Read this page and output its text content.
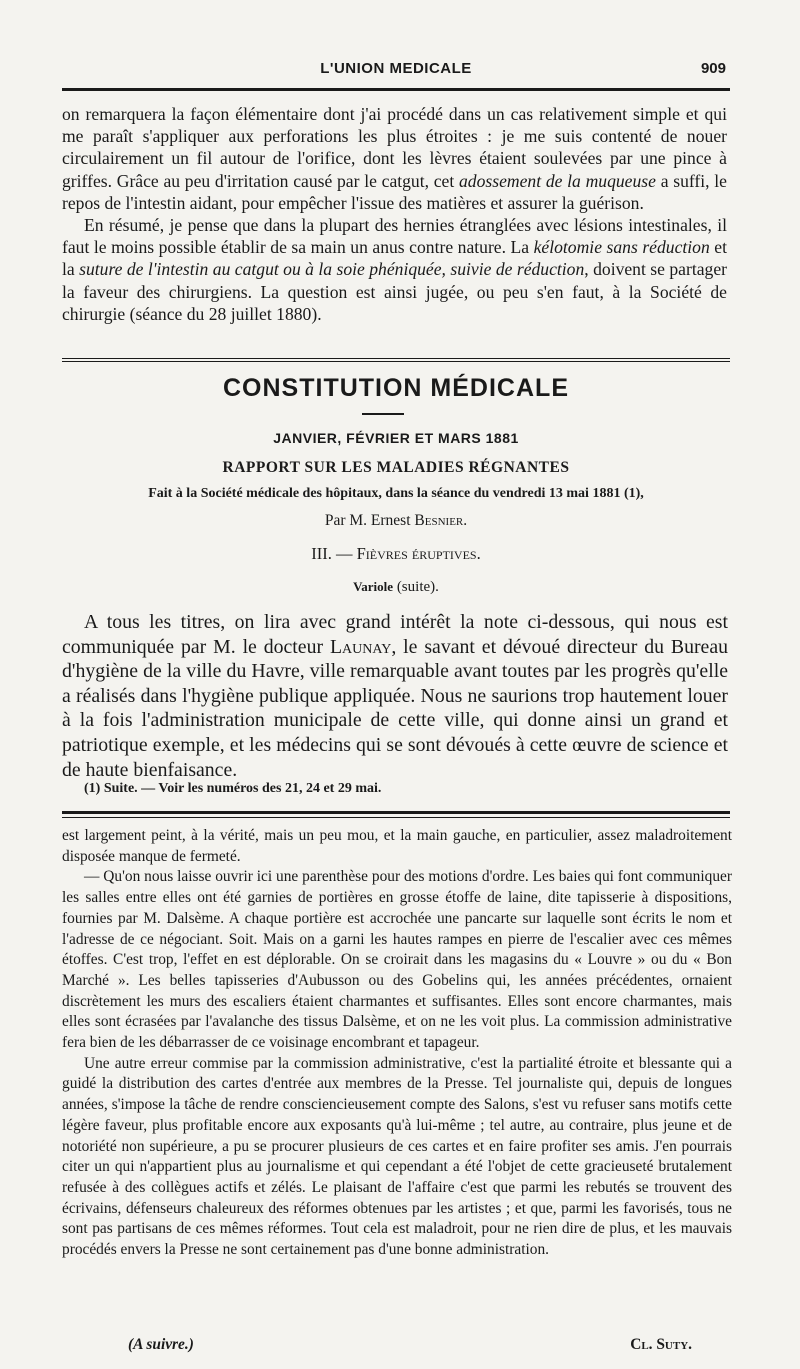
L'UNION MEDICALE	909

on remarquera la façon élémentaire dont j'ai procédé dans un cas relativement simple et qui me paraît s'appliquer aux perforations les plus étroites : je me suis contenté de nouer circulairement un fil autour de l'orifice, dont les lèvres étaient soulevées par une pince à griffes. Grâce au peu d'irritation causé par le catgut, cet adossement de la muqueuse a suffi, le repos de l'intestin aidant, pour empêcher l'issue des matières et assurer la guérison.

En résumé, je pense que dans la plupart des hernies étranglées avec lésions intestinales, il faut le moins possible établir de sa main un anus contre nature. La kélotomie sans réduction et la suture de l'intestin au catgut ou à la soie phéniquée, suivie de réduction, doivent se partager la faveur des chirurgiens. La question est ainsi jugée, ou peu s'en faut, à la Société de chirurgie (séance du 28 juillet 1880).

CONSTITUTION MÉDICALE
JANVIER, FÉVRIER ET MARS 1881
RAPPORT SUR LES MALADIES RÉGNANTES
Fait à la Société médicale des hôpitaux, dans la séance du vendredi 13 mai 1881 (1),
Par M. Ernest Besnier.
III. — Fièvres éruptives.
Variole (suite).

A tous les titres, on lira avec grand intérêt la note ci-dessous, qui nous est communiquée par M. le docteur Launay, le savant et dévoué directeur du Bureau d'hygiène de la ville du Havre, ville remarquable avant toutes par les progrès qu'elle a réalisés dans l'hygiène publique appliquée. Nous ne saurions trop hautement louer à la fois l'administration municipale de cette ville, qui donne ainsi un grand et patriotique exemple, et les médecins qui se sont dévoués à cette œuvre de science et de haute bienfaisance.

(1) Suite. — Voir les numéros des 21, 24 et 29 mai.

est largement peint, à la vérité, mais un peu mou, et la main gauche, en particulier, assez maladroitement disposée manque de fermeté.

— Qu'on nous laisse ouvrir ici une parenthèse pour des motions d'ordre. Les baies qui font communiquer les salles entre elles ont été garnies de portières en grosse étoffe de laine, dite tapisserie à dispositions, fournies par M. Dalsème. A chaque portière est accrochée une pancarte sur laquelle sont écrits le nom et l'adresse de ce négociant. Soit. Mais on a garni les hautes rampes en pierre de l'escalier avec ces mêmes étoffes. C'est trop, l'effet en est déplorable. On se croirait dans les magasins du « Louvre » ou du « Bon Marché ». Les belles tapisseries d'Aubusson ou des Gobelins qui, les années précédentes, ornaient discrètement les murs des escaliers étaient charmantes et suffisantes. Elles sont encore charmantes, mais elles sont écrasées par l'avalanche des tissus Dalsème, et on ne les voit plus. La commission administrative fera bien de les débarrasser de ce voisinage encombrant et tapageur.

Une autre erreur commise par la commission administrative, c'est la partialité étroite et blessante qui a guidé la distribution des cartes d'entrée aux membres de la Presse. Tel journaliste qui, depuis de longues années, s'impose la tâche de rendre consciencieusement compte des Salons, s'est vu refuser sans motifs cette légère faveur, plus profitable encore aux exposants qu'à lui-même ; tel autre, au contraire, plus jeune et de notoriété non supérieure, a pu se procurer plusieurs de ces cartes et en faire profiter ses amis. J'en pourrais citer un qui n'appartient plus au journalisme et qui cependant a été l'objet de cette gracieuseté brutalement refusée à des collègues actifs et zélés. Le plaisant de l'affaire c'est que parmi les rebutés se trouvent des écrivains, défenseurs chaleureux des réformes obtenues par les artistes ; et que, parmi les favorisés, tous ne sont pas partisans de ces mêmes réformes. Tout cela est maladroit, pour ne rien dire de plus, et les mauvais procédés envers la Presse ne sont certainement pas d'une bonne administration.

(A suivre.)	Cl. Suty.
